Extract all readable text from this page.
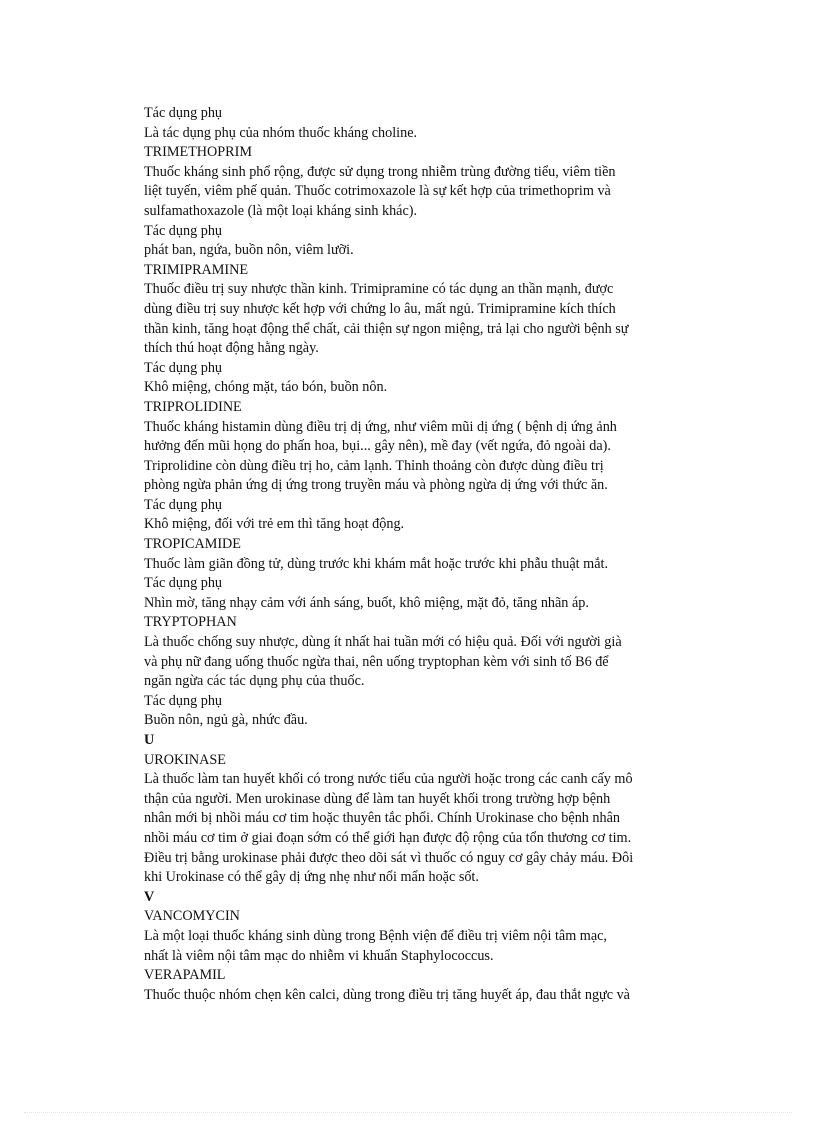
Tác dụng phụ
Là tác dụng phụ của nhóm thuốc kháng choline.
TRIMETHOPRIM
Thuốc kháng sinh phổ rộng, được sử dụng trong nhiễm trùng đường tiểu, viêm tiền
liệt tuyến, viêm phế quản. Thuốc cotrimoxazole là sự kết hợp của trimethoprim và
sulfamathoxazole (là một loại kháng sinh khác).
Tác dụng phụ
phát ban, ngứa, buồn nôn, viêm lưỡi.
TRIMIPRAMINE
Thuốc điều trị suy nhược thần kinh. Trimipramine có tác dụng an thần mạnh, được
dùng điều trị suy nhược kết hợp với chứng lo âu, mất ngủ. Trimipramine kích thích
thần kinh, tăng hoạt động thể chất, cải thiện sự ngon miệng, trả lại cho người bệnh sự
thích thú hoạt động hằng ngày.
Tác dụng phụ
Khô miệng, chóng mặt, táo bón, buồn nôn.
TRIPROLIDINE
Thuốc kháng histamin dùng điều trị dị ứng, như viêm mũi dị ứng ( bệnh dị ứng ảnh
hưởng đến mũi họng do phấn hoa, bụi... gây nên), mề đay (vết ngứa, đỏ ngoài da).
Triprolidine còn dùng điều trị ho, cảm lạnh. Thỉnh thoảng còn được dùng điều trị
phòng ngừa phản ứng dị ứng trong truyền máu và phòng ngừa dị ứng với thức ăn.
Tác dụng phụ
Khô miệng, đối với trẻ em thì tăng hoạt động.
TROPICAMIDE
Thuốc làm giãn đồng tử, dùng trước khi khám mắt hoặc trước khi phẫu thuật mắt.
Tác dụng phụ
Nhìn mờ, tăng nhạy cảm với ánh sáng, buốt, khô miệng, mặt đỏ, tăng nhãn áp.
TRYPTOPHAN
Là thuốc chống suy nhược, dùng ít nhất hai tuần mới có hiệu quả. Đối với người già
và phụ nữ đang uống thuốc ngừa thai, nên uống tryptophan kèm với sinh tố B6 để
ngăn ngừa các tác dụng phụ của thuốc.
Tác dụng phụ
Buồn nôn, ngủ gà, nhức đầu.
U
UROKINASE
Là thuốc làm tan huyết khối có trong nước tiểu của người hoặc trong các canh cấy mô
thận của người. Men urokinase dùng để làm tan huyết khối trong trường hợp bệnh
nhân mới bị nhồi máu cơ tim hoặc thuyên tắc phổi. Chính Urokinase cho bệnh nhân
nhồi máu cơ tim ở giai đoạn sớm có thể giới hạn được độ rộng của tổn thương cơ tim.
Điều trị bằng urokinase phải được theo dõi sát vì thuốc có nguy cơ gây chảy máu. Đôi
khi Urokinase có thể gây dị ứng nhẹ như nổi mẩn hoặc sốt.
V
VANCOMYCIN
Là một loại thuốc kháng sinh dùng trong Bệnh viện để điều trị viêm nội tâm mạc,
nhất là viêm nội tâm mạc do nhiễm vi khuẩn Staphylococcus.
VERAPAMIL
Thuốc thuộc nhóm chẹn kên calci, dùng trong điều trị tăng huyết áp, đau thắt ngực và
